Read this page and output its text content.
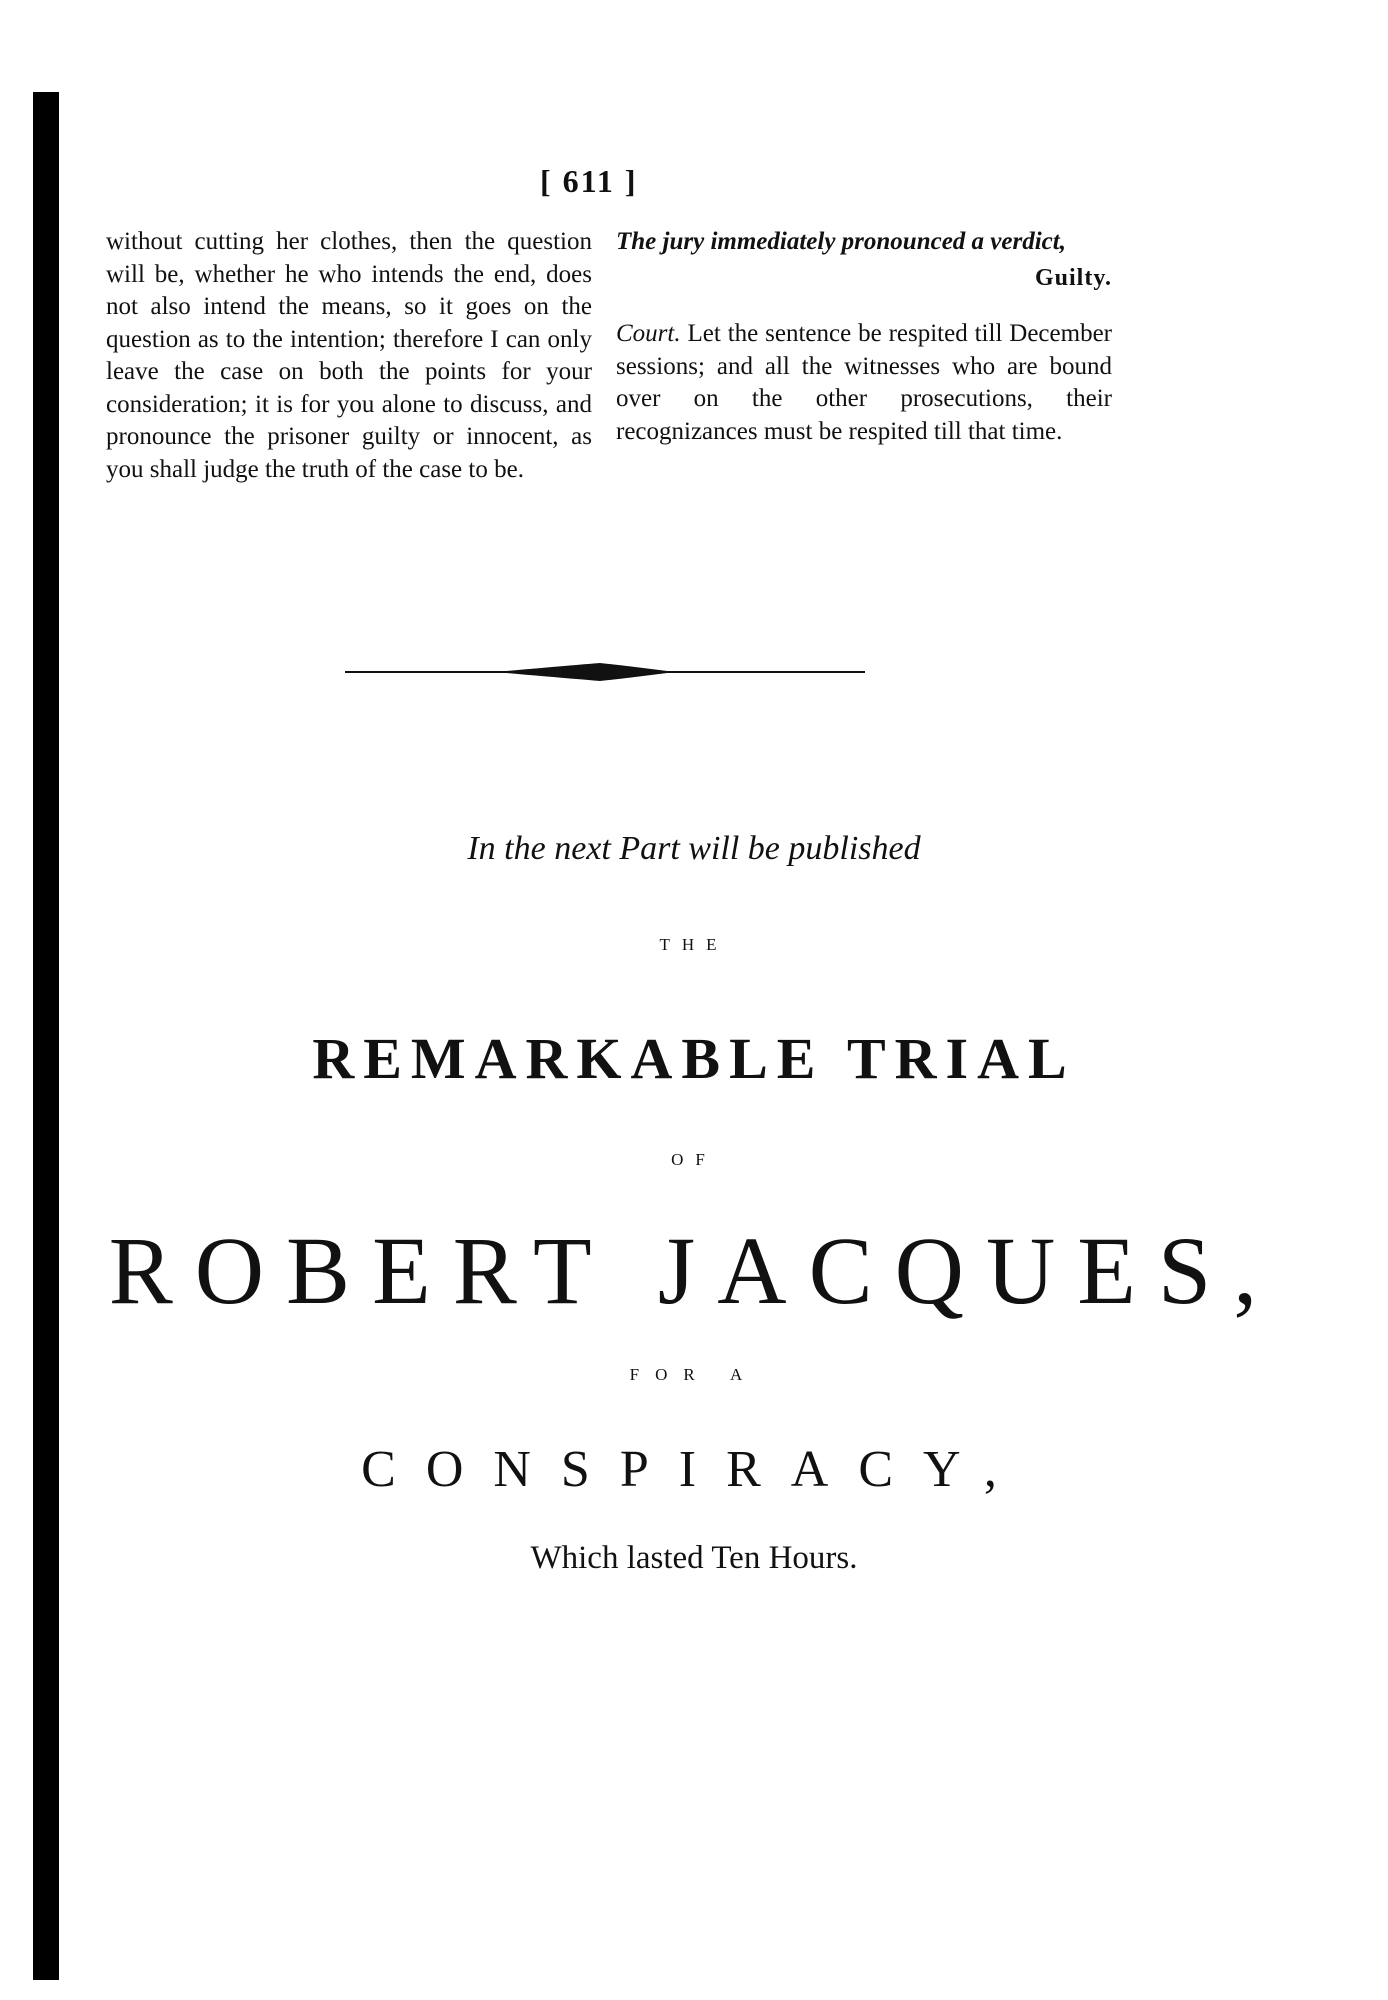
[ 611 ]

without cutting her clothes, then the question will be, whether he who intends the end, does not also intend the means, so it goes on the question as to the intention; therefore I can only leave the case on both the points for your consideration; it is for you alone to discuss, and pronounce the prisoner guilty or innocent, as you shall judge the truth of the case to be.

The jury immediately pronounced a verdict,

Guilty.

Court. Let the sentence be respited till December sessions; and all the witnesses who are bound over on the other prosecutions, their recognizances must be respited till that time.

In the next Part will be published

THE

REMARKABLE TRIAL

OF

ROBERT JACQUES,

FOR A

CONSPIRACY,

Which lasted Ten Hours.
